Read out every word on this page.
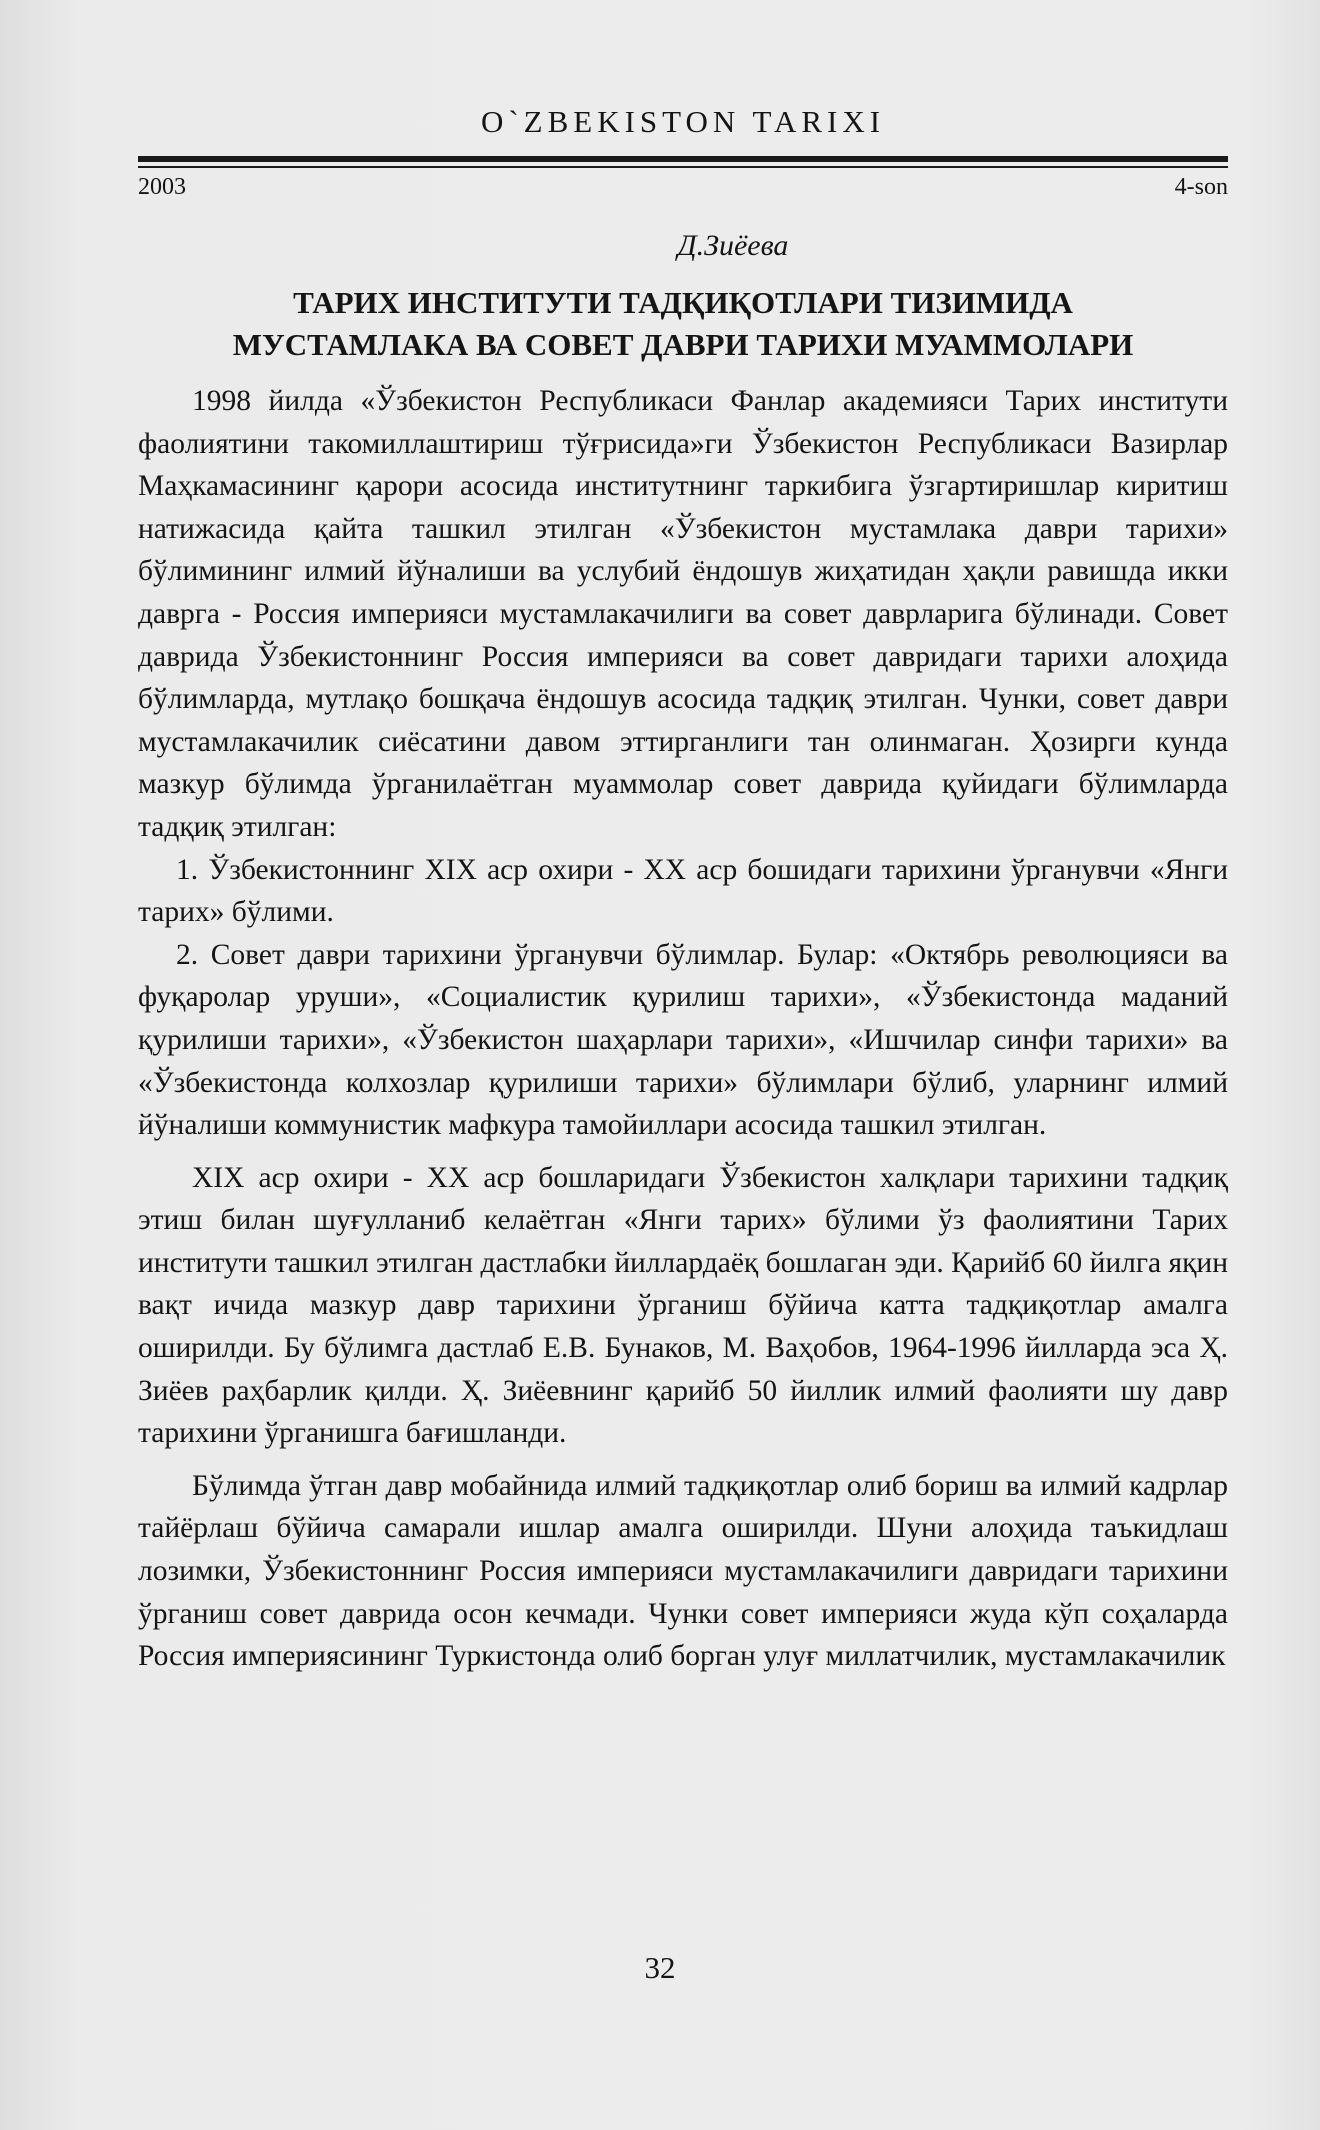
O`ZBEKISTON TARIXI
2003	4-son

Д.Зиёева

ТАРИХ ИНСТИТУТИ ТАДҚИҚОТЛАРИ ТИЗИМИДА
МУСТАМЛАКА ВА СОВЕТ ДАВРИ ТАРИХИ МУАММОЛАРИ

1998 йилда «Ўзбекистон Республикаси Фанлар академияси Тарих институти фаолиятини такомиллаштириш тўғрисида»ги Ўзбекистон Республикаси Вазирлар Маҳкамасининг қарори асосида институтнинг таркибига ўзгартиришлар киритиш натижасида қайта ташкил этилган «Ўзбекистон мустамлака даври тарихи» бўлимининг илмий йўналиши ва услубий ёндошув жиҳатидан ҳақли равишда икки даврга - Россия империяси мустамлакачилиги ва совет даврларига бўлинади. Совет даврида Ўзбекистоннинг Россия империяси ва совет давридаги тарихи алоҳида бўлимларда, мутлақо бошқача ёндошув асосида тадқиқ этилган. Чунки, совет даври мустамлакачилик сиёсатини давом эттирганлиги тан олинмаган. Ҳозирги кунда мазкур бўлимда ўрганилаётган муаммолар совет даврида қуйидаги бўлимларда тадқиқ этилган:

1. Ўзбекистоннинг XIX аср охири - XX аср бошидаги тарихини ўрганувчи «Янги тарих» бўлими.

2. Совет даври тарихини ўрганувчи бўлимлар. Булар: «Октябрь революцияси ва фуқаролар уруши», «Социалистик қурилиш тарихи», «Ўзбекистонда маданий қурилиши тарихи», «Ўзбекистон шаҳарлари тарихи», «Ишчилар синфи тарихи» ва «Ўзбекистонда колхозлар қурилиши тарихи» бўлимлари бўлиб, уларнинг илмий йўналиши коммунистик мафкура тамойиллари асосида ташкил этилган.

XIX аср охири - XX аср бошларидаги Ўзбекистон халқлари тарихини тадқиқ этиш билан шуғулланиб келаётган «Янги тарих» бўлими ўз фаолиятини Тарих институти ташкил этилган дастлабки йиллардаёқ бошлаган эди. Қарийб 60 йилга яқин вақт ичида мазкур давр тарихини ўрганиш бўйича катта тадқиқотлар амалга оширилди. Бу бўлимга дастлаб Е.В. Бунаков, М. Ваҳобов, 1964-1996 йилларда эса Ҳ. Зиёев раҳбарлик қилди. Ҳ. Зиёевнинг қарийб 50 йиллик илмий фаолияти шу давр тарихини ўрганишга бағишланди.

Бўлимда ўтган давр мобайнида илмий тадқиқотлар олиб бориш ва илмий кадрлар тайёрлаш бўйича самарали ишлар амалга оширилди. Шуни алоҳида таъкидлаш лозимки, Ўзбекистоннинг Россия империяси мустамлакачилиги давридаги тарихини ўрганиш совет даврида осон кечмади. Чунки совет империяси жуда кўп соҳаларда Россия империясининг Туркистонда олиб борган улуғ миллатчилик, мустамлакачилик

32
